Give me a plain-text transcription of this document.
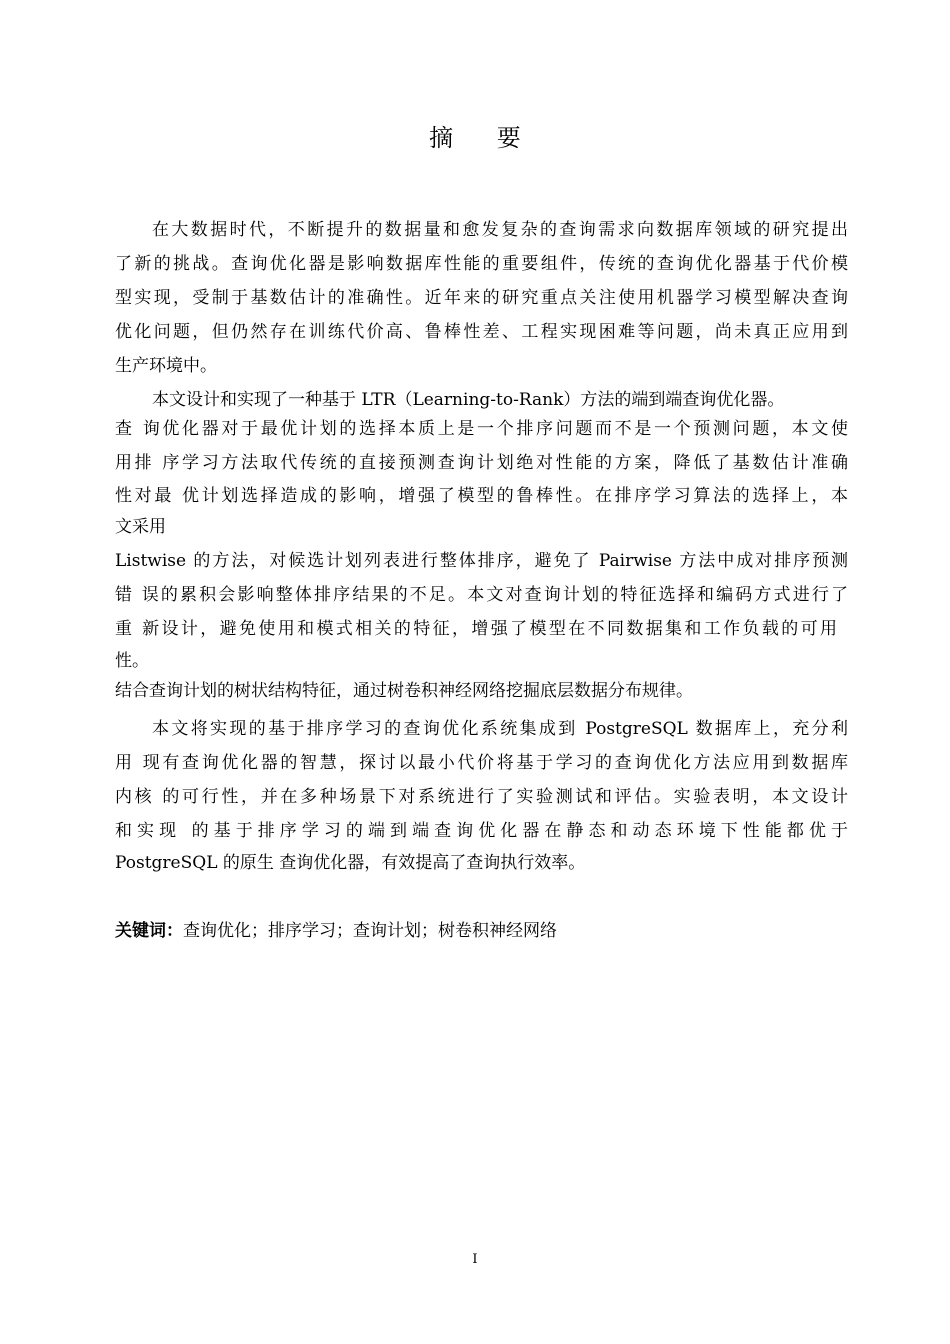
摘 要
在大数据时代，不断提升的数据量和愈发复杂的查询需求向数据库领域的研究提出
了新的挑战。查询优化器是影响数据库性能的重要组件，传统的查询优化器基于代价模
型实现，受制于基数估计的准确性。近年来的研究重点关注使用机器学习模型解决查询
优化问题，但仍然存在训练代价高、鲁棒性差、工程实现困难等问题，尚未真正应用到
生产环境中。
本文设计和实现了一种基于 LTR（Learning-to-Rank）方法的端到端查询优化器。
查 询优化器对于最优计划的选择本质上是一个排序问题而不是一个预测问题，本文使
用排 序学习方法取代传统的直接预测查询计划绝对性能的方案，降低了基数估计准确
性对最 优计划选择造成的影响，增强了模型的鲁棒性。在排序学习算法的选择上，本
文采用
Listwise 的方法，对候选计划列表进行整体排序，避免了 Pairwise 方法中成对排序预测
错 误的累积会影响整体排序结果的不足。本文对查询计划的特征选择和编码方式进行了
重 新设计，避免使用和模式相关的特征，增强了模型在不同数据集和工作负载的可用
性。
结合查询计划的树状结构特征，通过树卷积神经网络挖掘底层数据分布规律。
本文将实现的基于排序学习的查询优化系统集成到 PostgreSQL 数据库上，充分利
用 现有查询优化器的智慧，探讨以最小代价将基于学习的查询优化方法应用到数据库
内核 的可行性，并在多种场景下对系统进行了实验测试和评估。实验表明，本文设计
和实现 的基于排序学习的端到端查询优化器在静态和动态环境下性能都优于
PostgreSQL 的原生 查询优化器，有效提高了查询执行效率。
关键词：查询优化；排序学习；查询计划；树卷积神经网络
I
